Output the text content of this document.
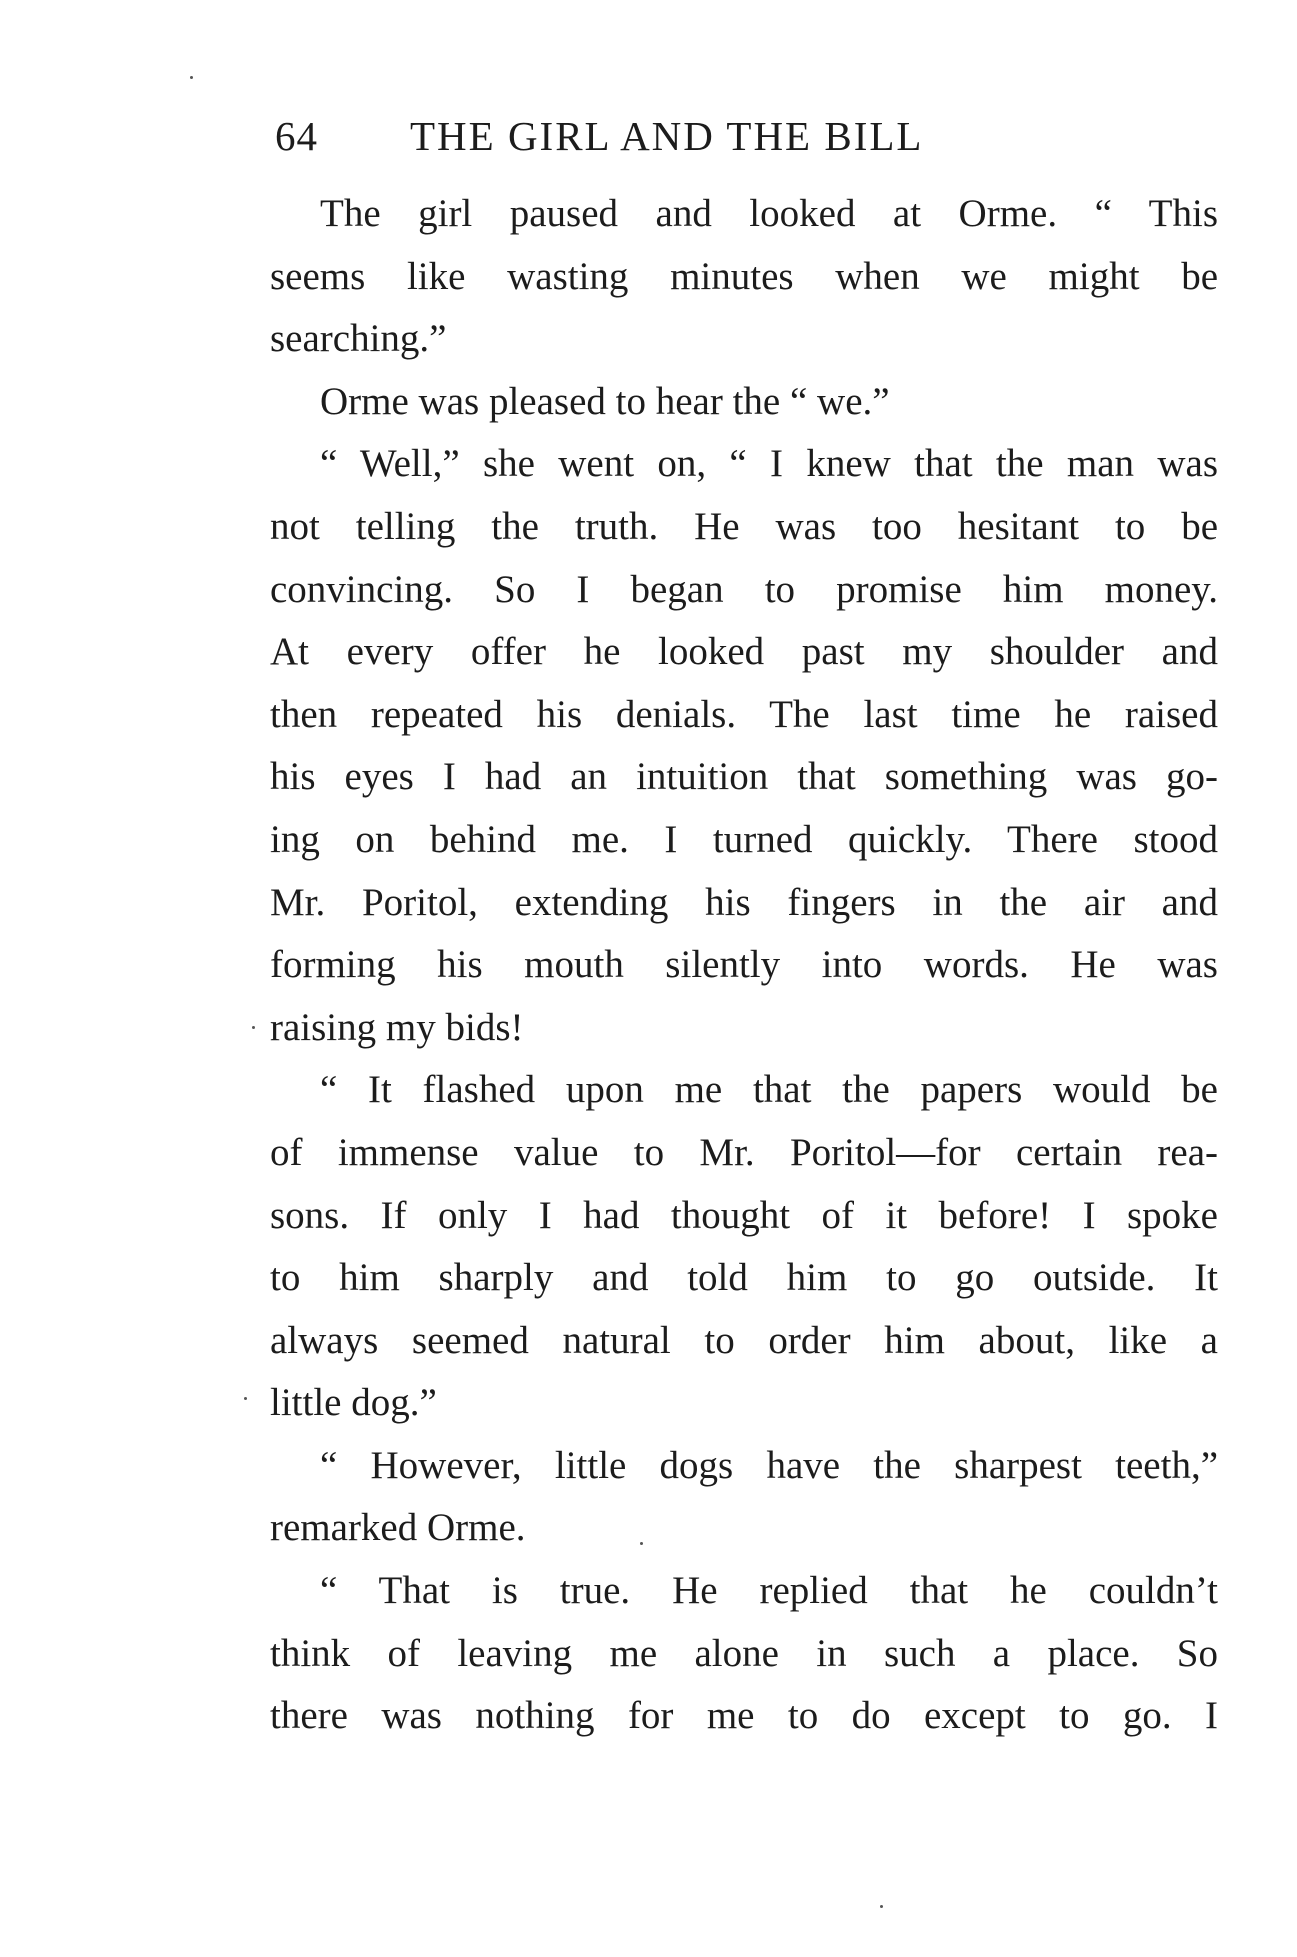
64 THE GIRL AND THE BILL
The girl paused and looked at Orme. “ This
seems like wasting minutes when we might be
searching.”
Orme was pleased to hear the “ we.”
“ Well,” she went on, “ I knew that the man was
not telling the truth. He was too hesitant to be
convincing. So I began to promise him money.
At every offer he looked past my shoulder and
then repeated his denials. The last time he raised
his eyes I had an intuition that something was go-
ing on behind me. I turned quickly. There stood
Mr. Poritol, extending his fingers in the air and
forming his mouth silently into words. He was
raising my bids!
“ It flashed upon me that the papers would be
of immense value to Mr. Poritol—for certain rea-
sons. If only I had thought of it before! I spoke
to him sharply and told him to go outside. It
always seemed natural to order him about, like a
little dog.”
“ However, little dogs have the sharpest teeth,”
remarked Orme.
“ That is true. He replied that he couldn’t
think of leaving me alone in such a place. So
there was nothing for me to do except to go. I
